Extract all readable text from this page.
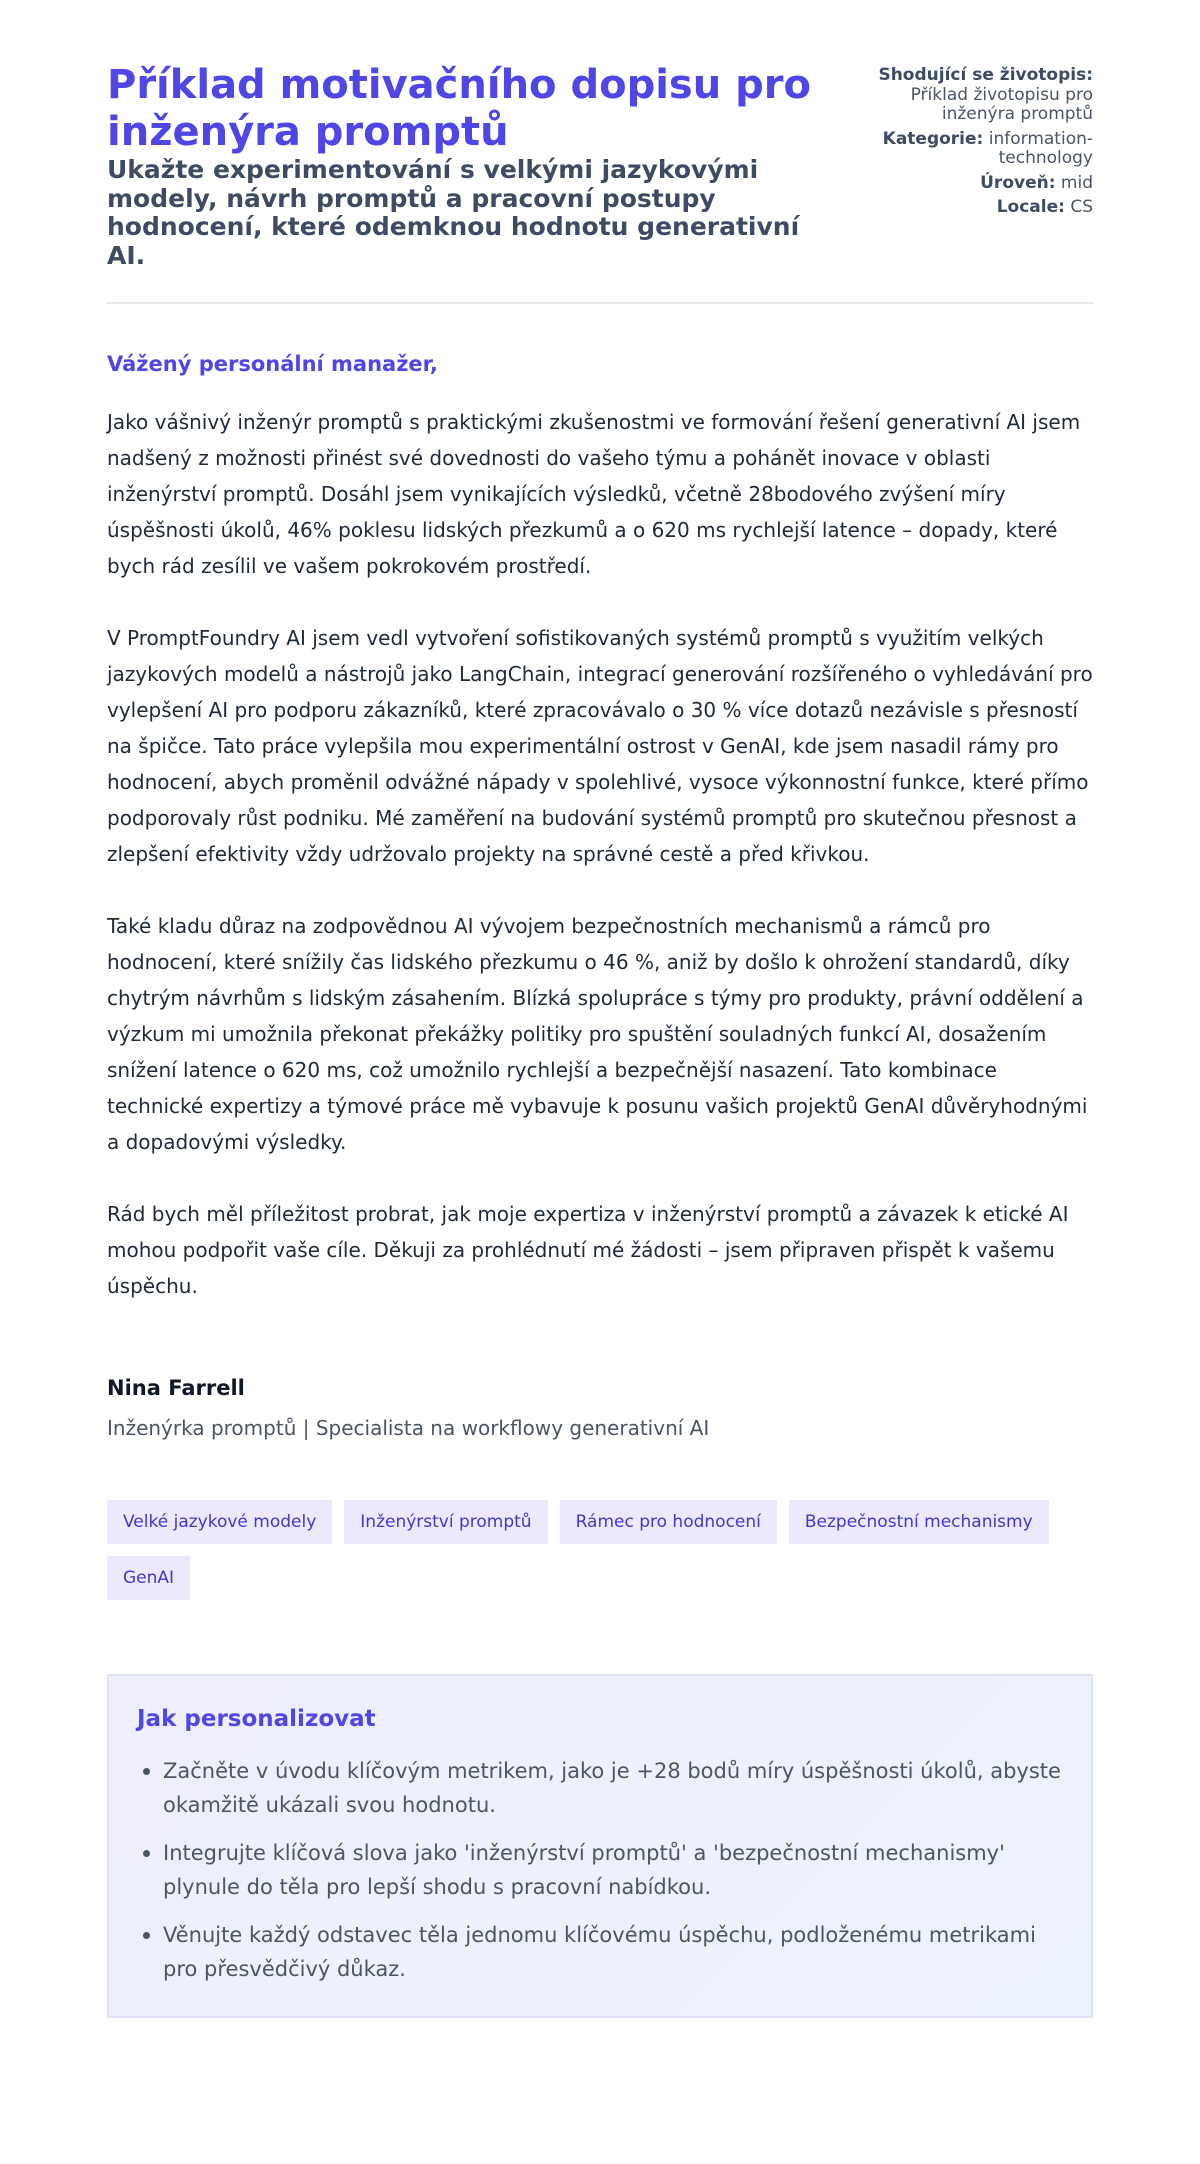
Příklad motivačního dopisu pro inženýra promptů
Ukažte experimentování s velkými jazykovými modely, návrh promptů a pracovní postupy hodnocení, které odemknou hodnotu generativní AI.
Shodující se životopis: Příklad životopisu pro inženýra promptů
Kategorie: information-technology
Úroveň: mid
Locale: CS
Vážený personální manažer,

Jako vášnivý inženýr promptů s praktickými zkušenostmi ve formování řešení generativní AI jsem nadšený z možnosti přinést své dovednosti do vašeho týmu a pohánět inovace v oblasti inženýrství promptů. Dosáhl jsem vynikajících výsledků, včetně 28bodového zvýšení míry úspěšnosti úkolů, 46% poklesu lidských přezkumů a o 620 ms rychlejší latence – dopady, které bych rád zesílil ve vašem pokrokovém prostředí.

V PromptFoundry AI jsem vedl vytvoření sofistikovaných systémů promptů s využitím velkých jazykových modelů a nástrojů jako LangChain, integrací generování rozšířeného o vyhledávání pro vylepšení AI pro podporu zákazníků, které zpracovávalo o 30 % více dotazů nezávisle s přesností na špičce. Tato práce vylepšila mou experimentální ostrost v GenAI, kde jsem nasadil rámy pro hodnocení, abych proměnil odvážné nápady v spolehlivé, vysoce výkonnostní funkce, které přímo podporovaly růst podniku. Mé zaměření na budování systémů promptů pro skutečnou přesnost a zlepšení efektivity vždy udržovalo projekty na správné cestě a před křivkou.

Také kladu důraz na zodpovědnou AI vývojem bezpečnostních mechanismů a rámců pro hodnocení, které snížily čas lidského přezkumu o 46 %, aniž by došlo k ohrožení standardů, díky chytrým návrhům s lidským zásahením. Blízká spolupráce s týmy pro produkty, právní oddělení a výzkum mi umožnila překonat překážky politiky pro spuštění souladných funkcí AI, dosažením snížení latence o 620 ms, což umožnilo rychlejší a bezpečnější nasazení. Tato kombinace technické expertizy a týmové práce mě vybavuje k posunu vašich projektů GenAI důvěryhodnými a dopadovými výsledky.

Rád bych měl příležitost probrat, jak moje expertiza v inženýrství promptů a závazek k etické AI mohou podpořit vaše cíle. Děkuji za prohlédnutí mé žádosti – jsem připraven přispět k vašemu úspěchu.

Nina Farrell
Inženýrka promptů | Specialista na workflowy generativní AI
Velké jazykové modely	Inženýrství promptů	Rámec pro hodnocení	Bezpečnostní mechanismy
GenAI
Jak personalizovat
Začněte v úvodu klíčovým metrikem, jako je +28 bodů míry úspěšnosti úkolů, abyste okamžitě ukázali svou hodnotu.
Integrujte klíčová slova jako 'inženýrství promptů' a 'bezpečnostní mechanismy' plynule do těla pro lepší shodu s pracovní nabídkou.
Věnujte každý odstavec těla jednomu klíčovému úspěchu, podloženému metrikami pro přesvědčivý důkaz.
